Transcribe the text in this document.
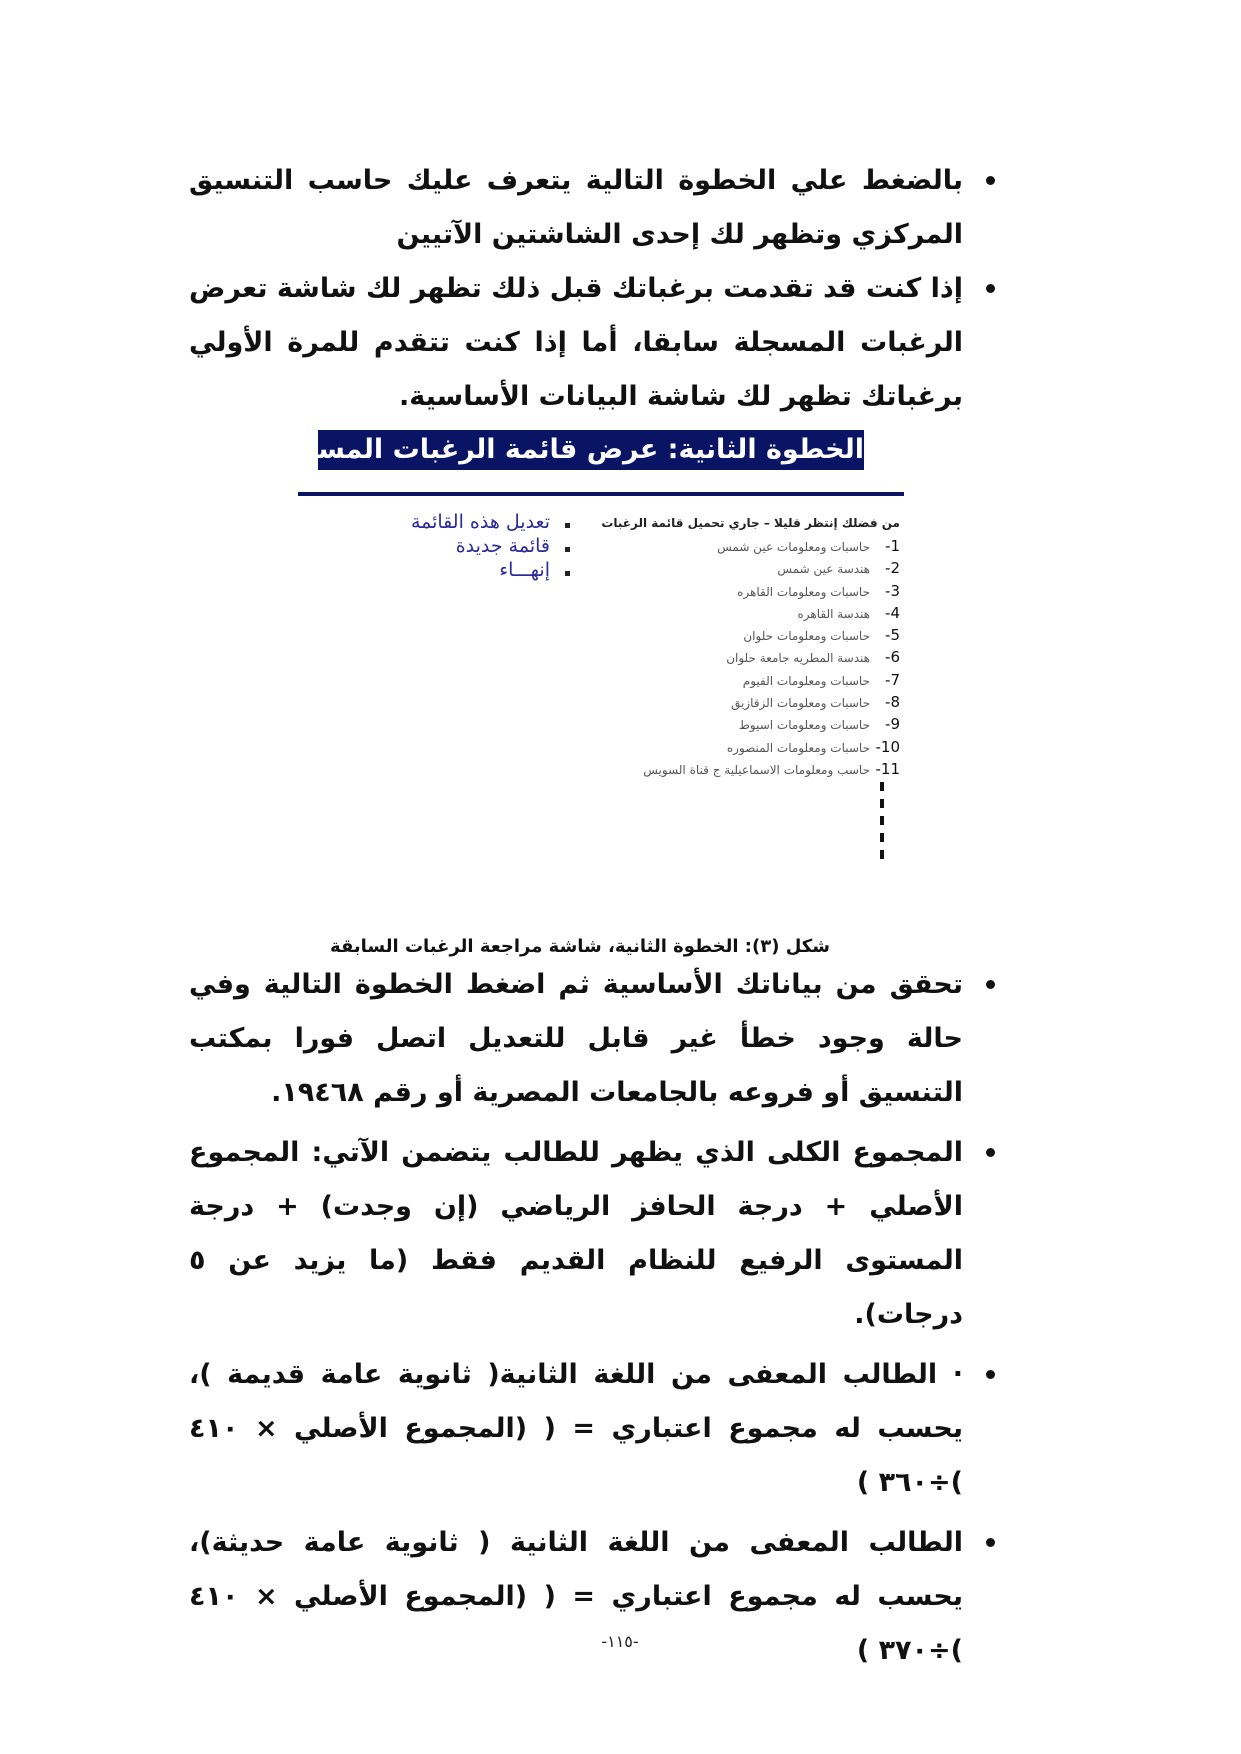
بالضغط علي الخطوة التالية يتعرف عليك حاسب التنسيق المركزي وتظهر لك إحدى الشاشتين الآتيين

إذا كنت قد تقدمت برغباتك قبل ذلك تظهر لك شاشة تعرض الرغبات المسجلة سابقا، أما إذا كنت تتقدم للمرة الأولي برغباتك تظهر لك شاشة البيانات الأساسية.

الخطوة الثانية: عرض قائمة الرغبات المسجلة سابقاً
تعديل هذه القائمة
قائمة جديدة
إنهـــاء
من فضلك إنتظر قليلا – جاري تحميل قائمة الرغبات
1-حاسبات ومعلومات عين شمس
2-هندسة عين شمس
3-حاسبات ومعلومات القاهره
4-هندسة القاهره
5-حاسبات ومعلومات حلوان
6-هندسة المطريه جامعة حلوان
7-حاسبات ومعلومات الفيوم
8-حاسبات ومعلومات الزقازيق
9-حاسبات ومعلومات اسيوط
10-حاسبات ومعلومات المنصوره
11-حاسب ومعلومات الاسماعيلية ج قناة السويس
شكل (٣): الخطوة الثانية، شاشة مراجعة الرغبات السابقة

تحقق من بياناتك الأساسية ثم اضغط الخطوة التالية وفي حالة وجود خطأ غير قابل للتعديل اتصل فورا بمكتب التنسيق أو فروعه بالجامعات المصرية أو رقم ١٩٤٦٨.

المجموع الكلى الذي يظهر للطالب يتضمن الآتي: المجموع الأصلي + درجة الحافز الرياضي (إن وجدت) + درجة المستوى الرفيع للنظام القديم فقط (ما يزيد عن ٥ درجات).

· الطالب المعفى من اللغة الثانية( ثانوية عامة قديمة )، يحسب له مجموع اعتباري = ( (المجموع الأصلي × ٤١٠ )÷٣٦٠ )

الطالب المعفى من اللغة الثانية ( ثانوية عامة حديثة)، يحسب له مجموع اعتباري = ( (المجموع الأصلي × ٤١٠ )÷٣٧٠ )

-١١٥-
